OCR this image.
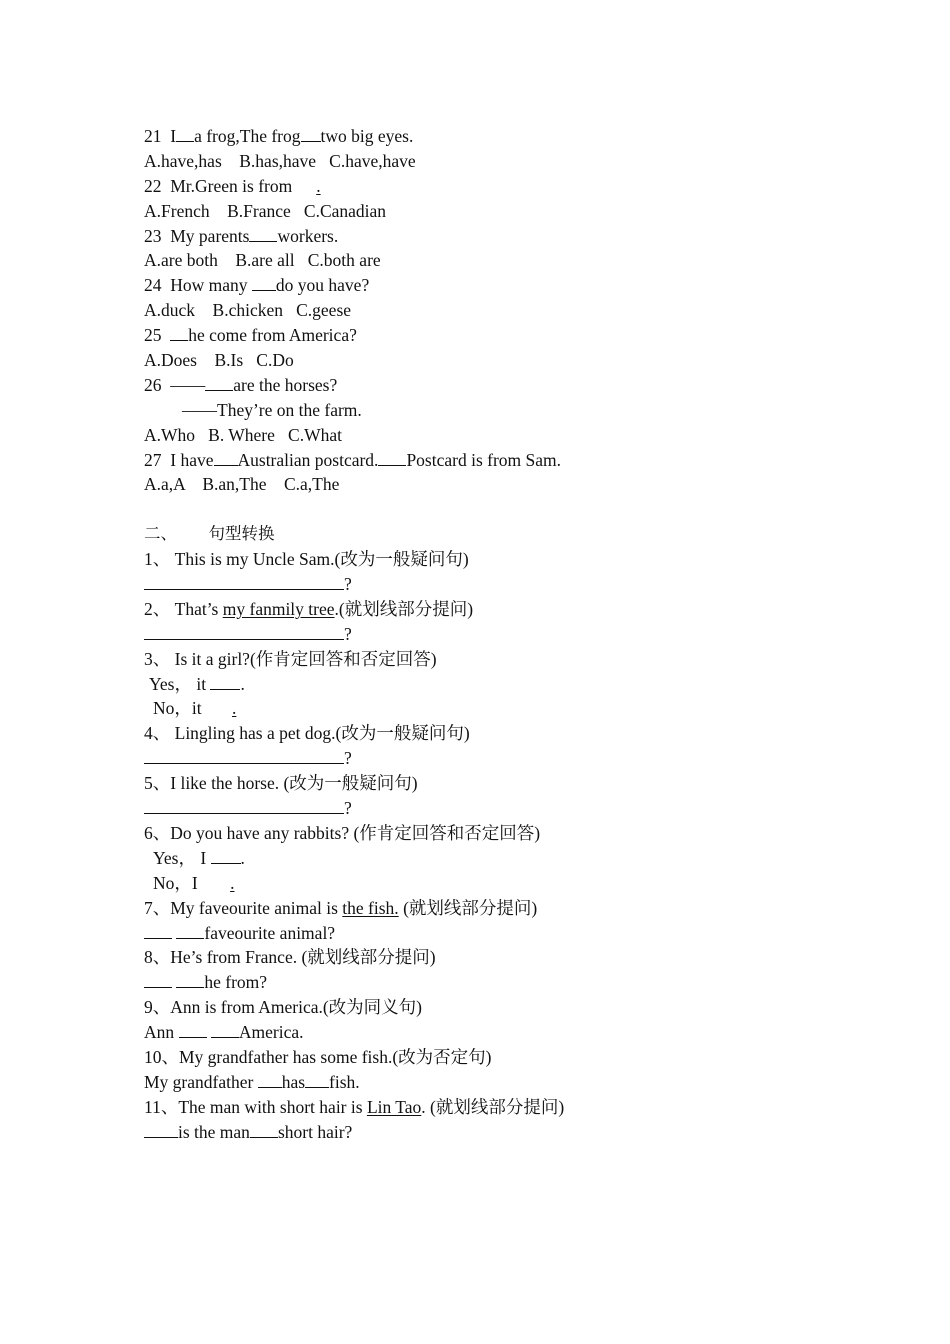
21  I a frog,The frog two big eyes.
A.have,has    B.has,have   C.have,have
22  Mr.Green is from .
A.French    B.France   C.Canadian
23  My parents workers.
A.are both    B.are all   C.both are
24  How many do you have?
A.duck    B.chicken   C.geese
25  he come from America?
A.Does    B.Is   C.Do
26  —— are the horses?
——They’re on the farm.
A.Who   B. Where   C.What
27  I have Australian postcard. Postcard is from Sam.
A.a,A    B.an,The    C.a,The
二、      句型转换
1、 This is my Uncle Sam.(改为一般疑问句)
?
2、 That’s my fanmily tree.(就划线部分提问)
?
3、 Is it a girl?(作肯定回答和否定回答)
Yes， it .
No，it .
4、 Lingling has a pet dog.(改为一般疑问句)
?
5、I like the horse. (改为一般疑问句)
?
6、Do you have any rabbits? (作肯定回答和否定回答)
Yes， I .
No，I .
7、My faveourite animal is the fish. (就划线部分提问)
faveourite animal?
8、He’s from France. (就划线部分提问)
he from?
9、Ann is from America.(改为同义句)
Ann	America.
10、My grandfather has some fish.(改为否定句)
My grandfather has fish.
11、The man with short hair is Lin Tao. (就划线部分提问)
is the man short hair?
